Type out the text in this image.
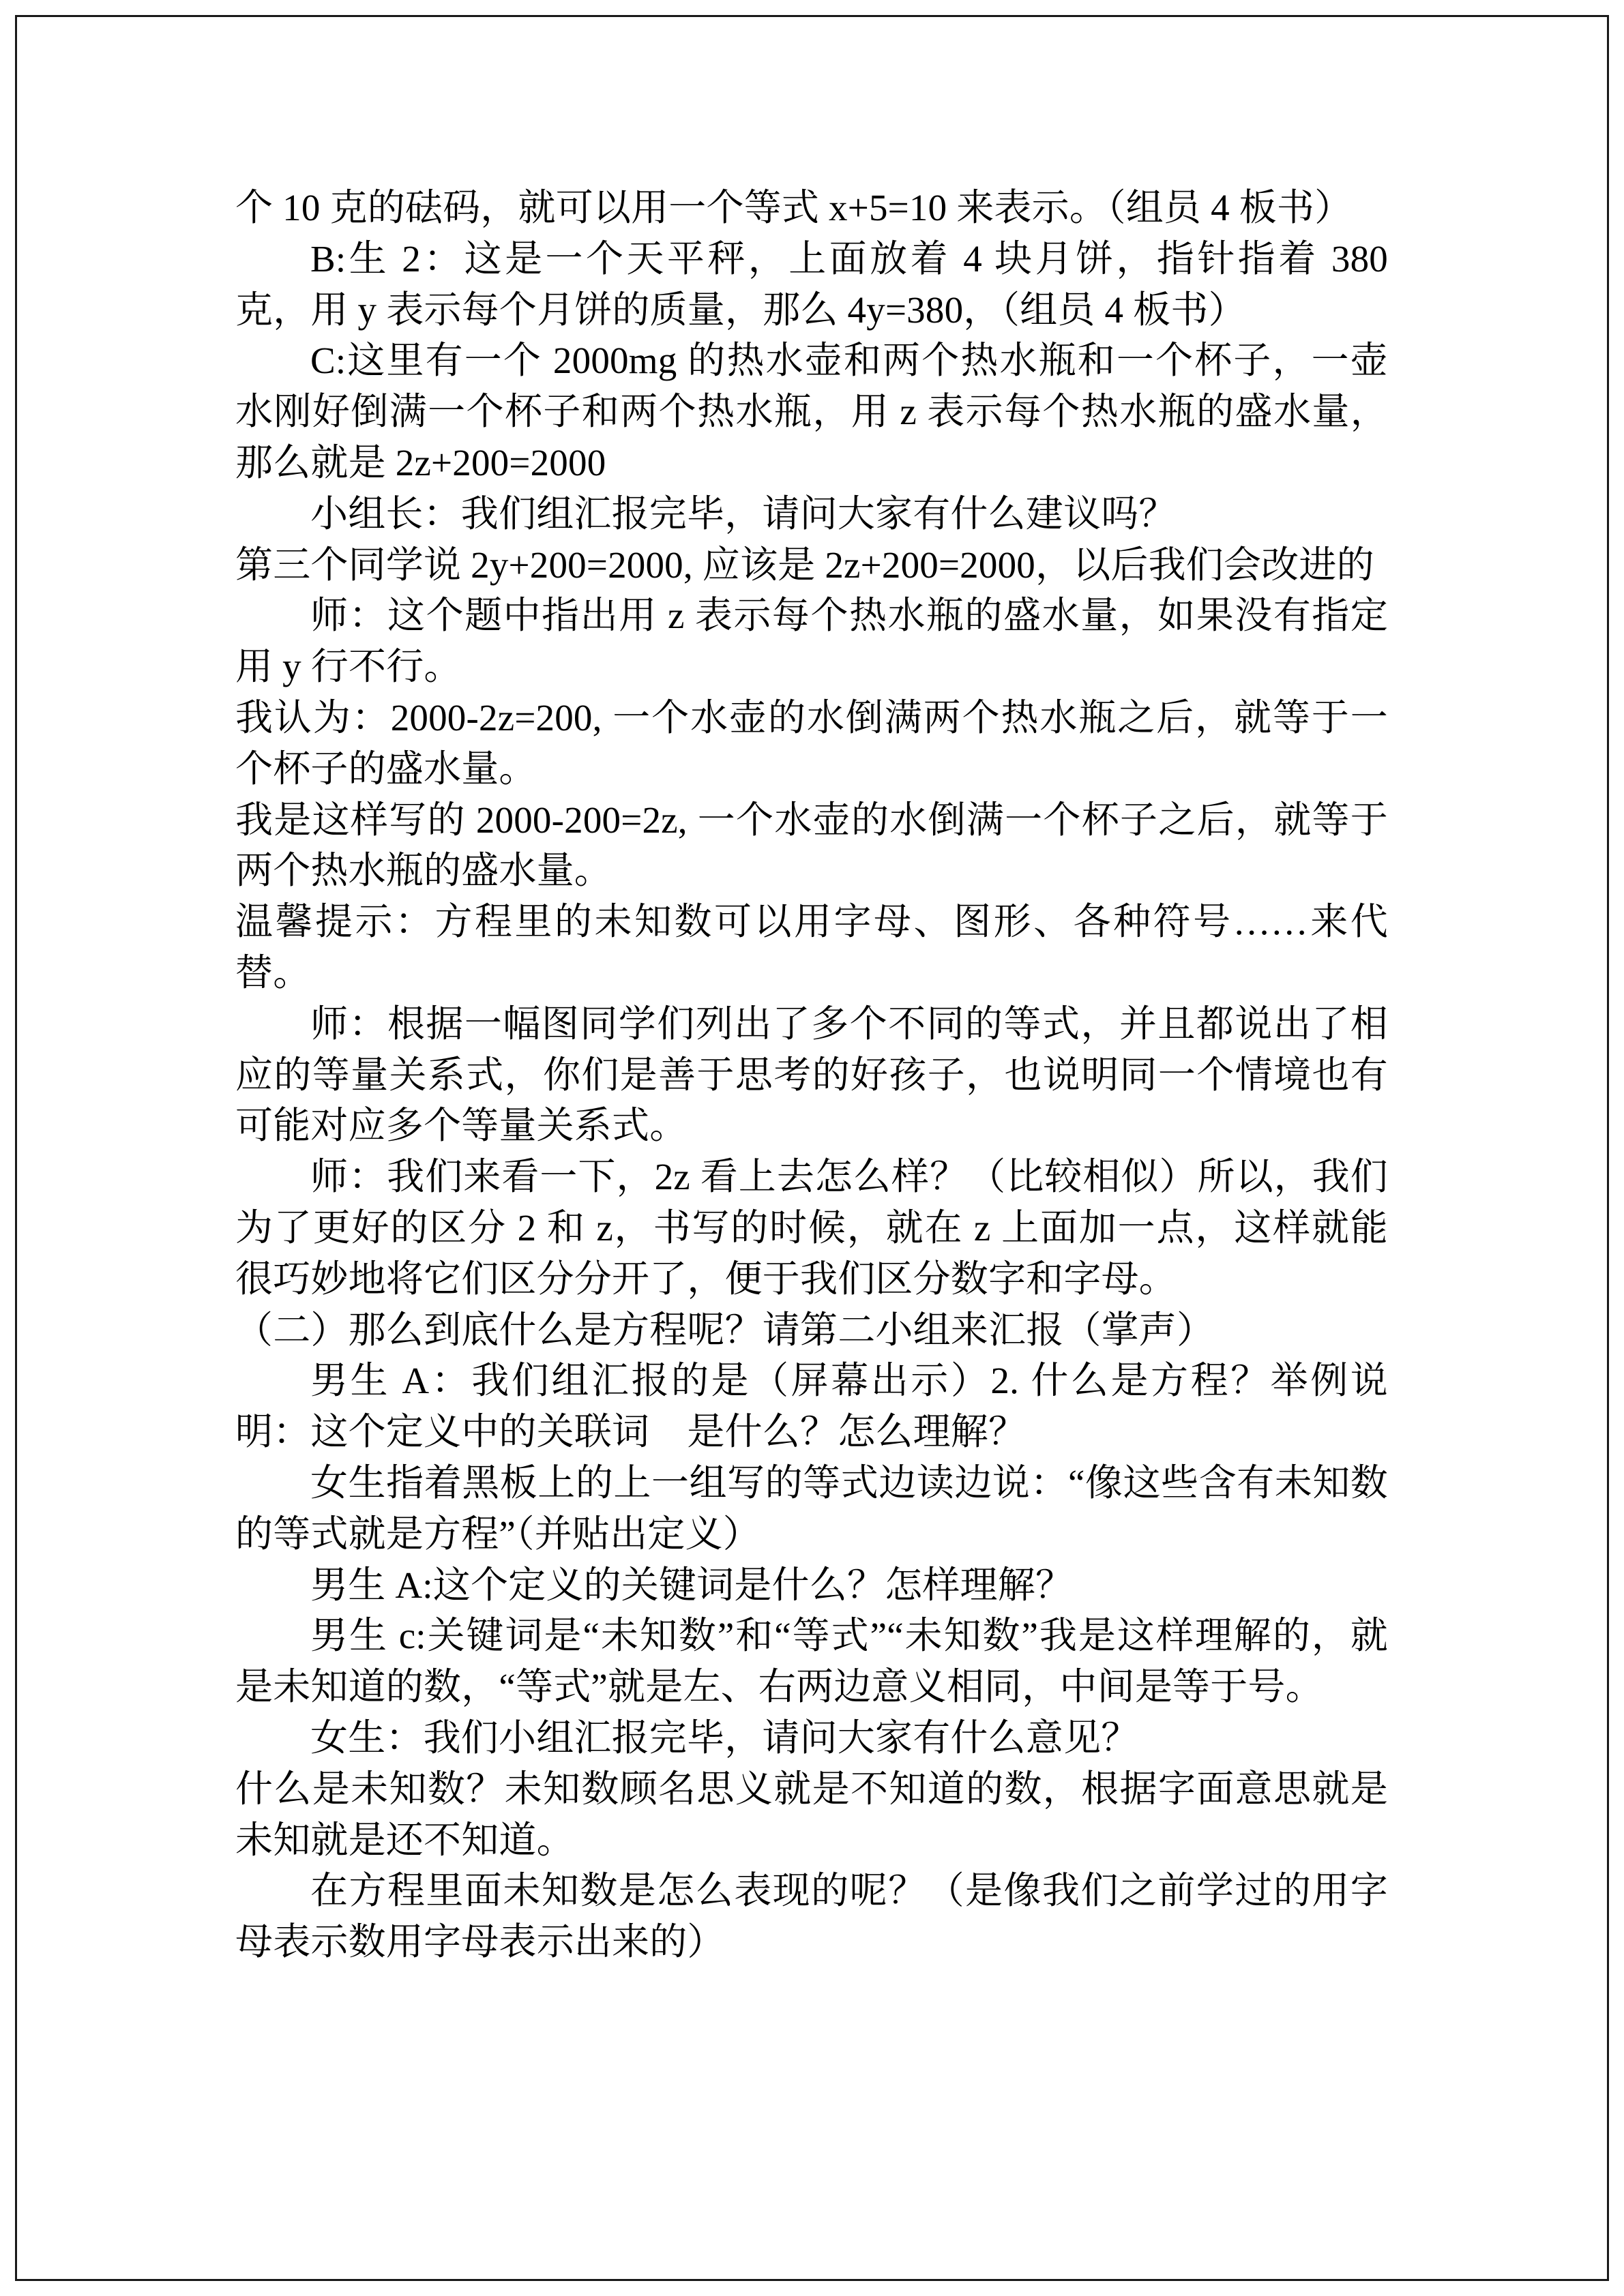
个 10 克的砝码，就可以用一个等式 x+5=10 来表示。（组员 4 板书）

B:生 2：这是一个天平秤，上面放着 4 块月饼，指针指着 380 克，用 y 表示每个月饼的质量，那么 4y=380，（组员 4 板书）

C:这里有一个 2000mg 的热水壶和两个热水瓶和一个杯子，一壶水刚好倒满一个杯子和两个热水瓶，用 z 表示每个热水瓶的盛水量，那么就是 2z+200=2000

小组长：我们组汇报完毕，请问大家有什么建议吗？

第三个同学说 2y+200=2000, 应该是 2z+200=2000，以后我们会改进的

师：这个题中指出用 z 表示每个热水瓶的盛水量，如果没有指定用 y 行不行。

我认为：2000-2z=200, 一个水壶的水倒满两个热水瓶之后，就等于一个杯子的盛水量。

我是这样写的 2000-200=2z, 一个水壶的水倒满一个杯子之后，就等于两个热水瓶的盛水量。

温馨提示：方程里的未知数可以用字母、图形、各种符号……来代替。

师：根据一幅图同学们列出了多个不同的等式，并且都说出了相应的等量关系式，你们是善于思考的好孩子，也说明同一个情境也有可能对应多个等量关系式。

师：我们来看一下，2z 看上去怎么样？（比较相似）所以，我们为了更好的区分 2 和 z，书写的时候，就在 z 上面加一点，这样就能很巧妙地将它们区分分开了，便于我们区分数字和字母。

（二）那么到底什么是方程呢？请第二小组来汇报（掌声）

男生 A：我们组汇报的是（屏幕出示）2. 什么是方程？举例说明：这个定义中的关联词　是什么？怎么理解？

女生指着黑板上的上一组写的等式边读边说：“像这些含有未知数的等式就是方程”（并贴出定义）

男生 A:这个定义的关键词是什么？怎样理解？

男生 c:关键词是“未知数”和“等式”“未知数”我是这样理解的，就是未知道的数，“等式”就是左、右两边意义相同，中间是等于号。

女生：我们小组汇报完毕，请问大家有什么意见？

什么是未知数？未知数顾名思义就是不知道的数，根据字面意思就是未知就是还不知道。

在方程里面未知数是怎么表现的呢？（是像我们之前学过的用字母表示数用字母表示出来的）
